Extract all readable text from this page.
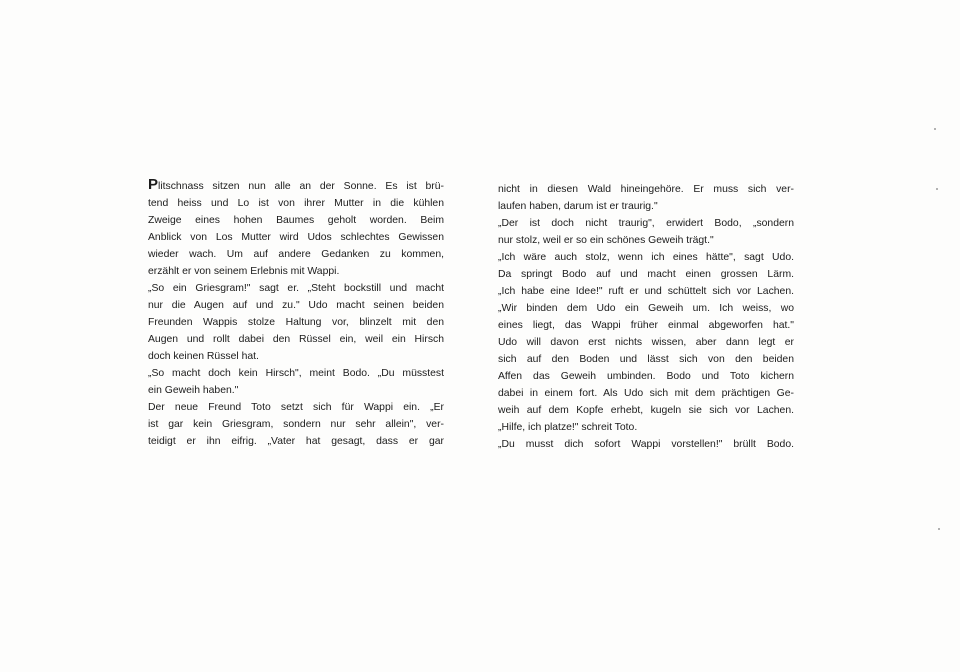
Plitschnass sitzen nun alle an der Sonne. Es ist brü-
tend heiss und Lo ist von ihrer Mutter in die kühlen
Zweige eines hohen Baumes geholt worden. Beim
Anblick von Los Mutter wird Udos schlechtes Gewissen
wieder wach. Um auf andere Gedanken zu kommen,
erzählt er von seinem Erlebnis mit Wappi.
„So ein Griesgram!" sagt er. „Steht bockstill und macht
nur die Augen auf und zu." Udo macht seinen beiden
Freunden Wappis stolze Haltung vor, blinzelt mit den
Augen und rollt dabei den Rüssel ein, weil ein Hirsch
doch keinen Rüssel hat.
„So macht doch kein Hirsch", meint Bodo. „Du müsstest
ein Geweih haben."
Der neue Freund Toto setzt sich für Wappi ein. „Er
ist gar kein Griesgram, sondern nur sehr allein", ver-
teidigt er ihn eifrig. „Vater hat gesagt, dass er gar
nicht in diesen Wald hineingehöre. Er muss sich ver-
laufen haben, darum ist er traurig."
„Der ist doch nicht traurig", erwidert Bodo, „sondern
nur stolz, weil er so ein schönes Geweih trägt."
„Ich wäre auch stolz, wenn ich eines hätte", sagt Udo.
Da springt Bodo auf und macht einen grossen Lärm.
„Ich habe eine Idee!" ruft er und schüttelt sich vor Lachen.
„Wir binden dem Udo ein Geweih um. Ich weiss, wo
eines liegt, das Wappi früher einmal abgeworfen hat."
Udo will davon erst nichts wissen, aber dann legt er
sich auf den Boden und lässt sich von den beiden
Affen das Geweih umbinden. Bodo und Toto kichern
dabei in einem fort. Als Udo sich mit dem prächtigen Ge-
weih auf dem Kopfe erhebt, kugeln sie sich vor Lachen.
„Hilfe, ich platze!" schreit Toto.
„Du musst dich sofort Wappi vorstellen!" brüllt Bodo.
